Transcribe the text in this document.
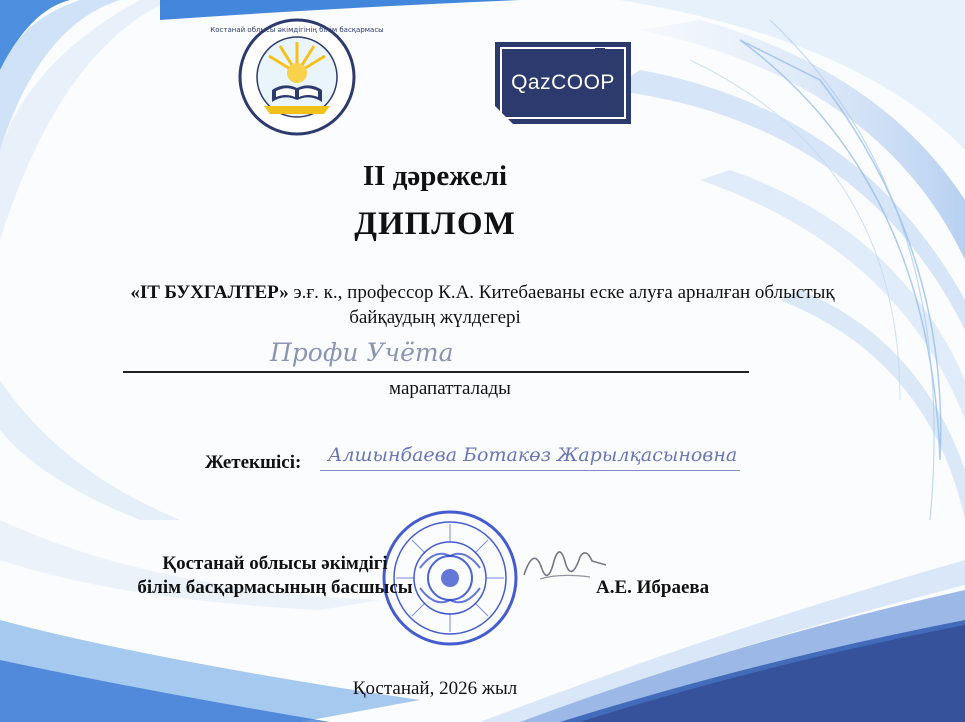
Костанай облысы әкімдігінің білім басқармасы
QazCOOP
II дәрежелі
ДИПЛОМ
«IT БУХГАЛТЕР» э.ғ. к., профессор К.А. Китебаеваны еске алуға арналған облыстық
байқаудың жүлдегері
Профи Учёта
марапатталады
Жетекшісі: Алшынбаева Ботакөз Жарылқасыновна
Қостанай облысы әкімдігі
білім басқармасының басшысы	А.Е. Ибраева
Қостанай, 2026 жыл
